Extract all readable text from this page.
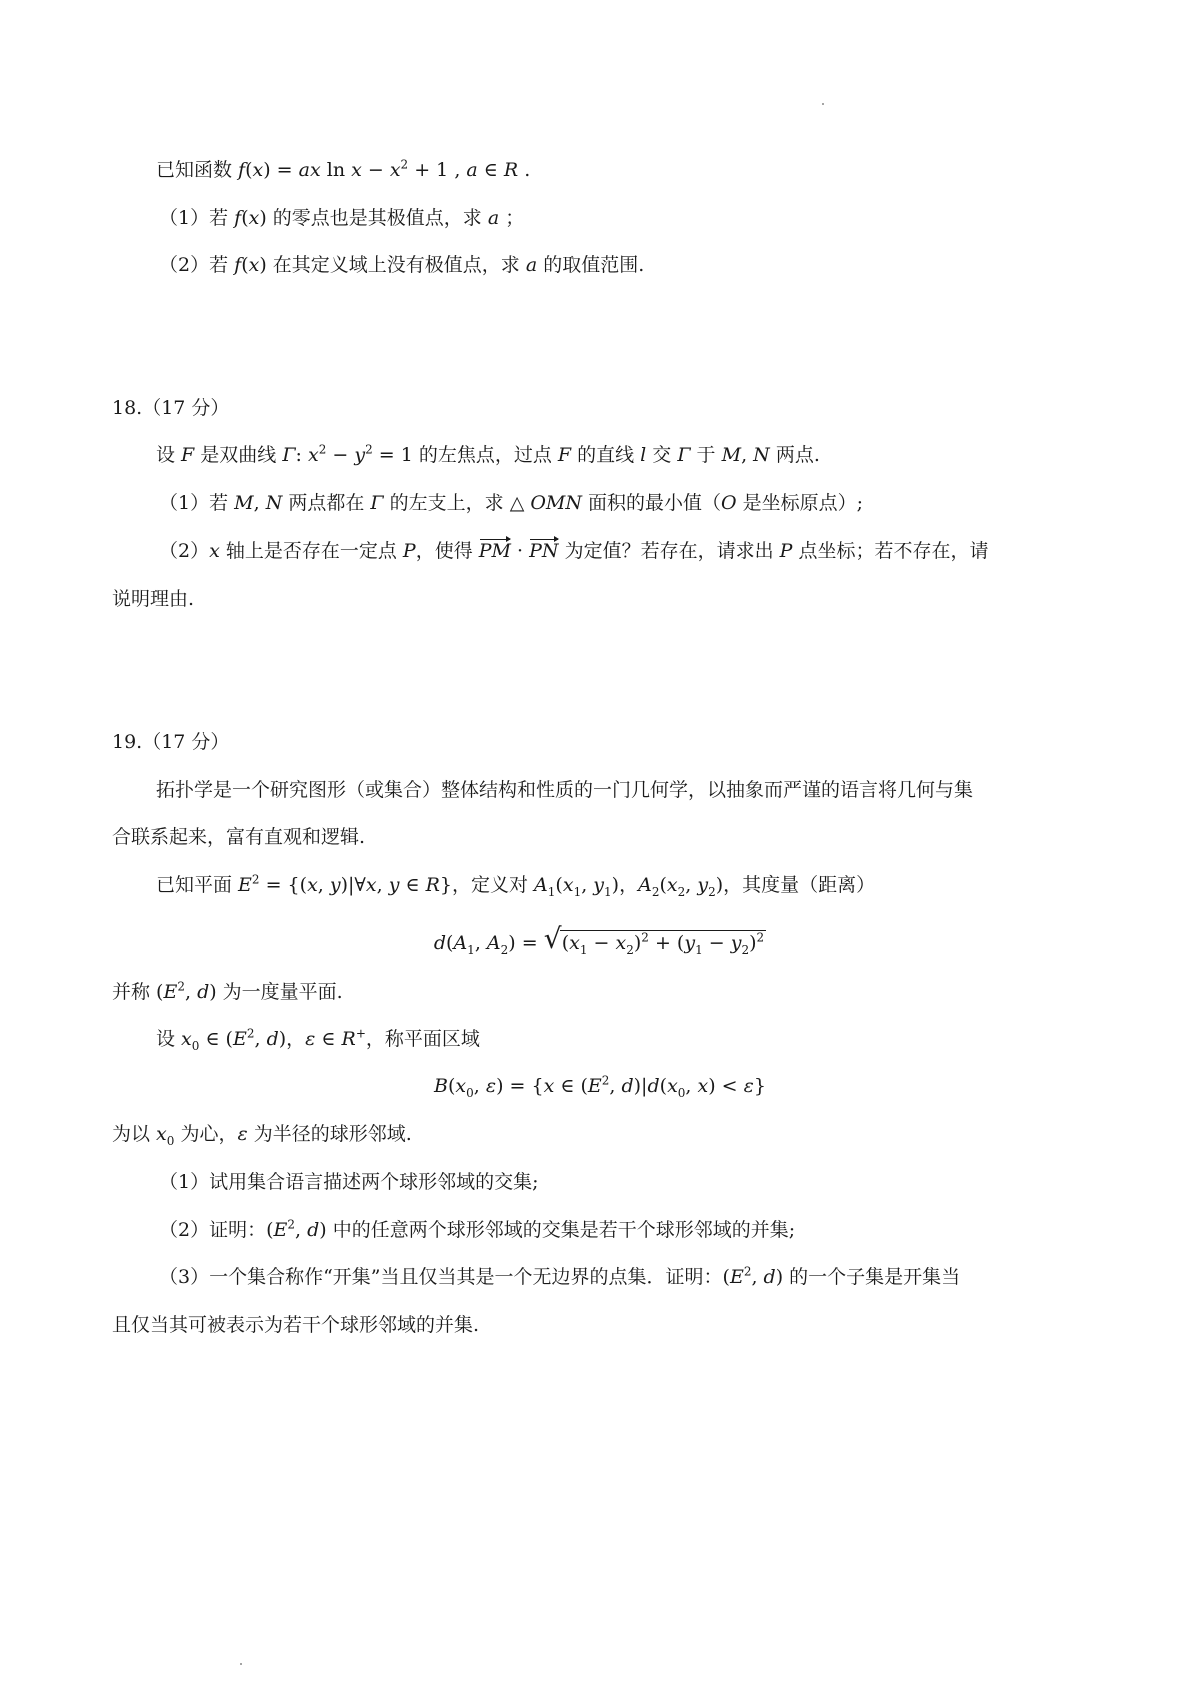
已知函数 f(x) = ax $\ln x - x^2 + 1$ , a ∈ R .
（1）若 f(x) 的零点也是其极值点，求 a ；
（2）若 f(x) 在其定义域上没有极值点，求 a 的取值范围.
18.（17 分）
设 F 是双曲线 Γ: $x^2 - y^2 = 1$ 的左焦点，过点 F 的直线 l 交 Γ 于 M, N 两点.
（1）若 M, N 两点都在 Γ 的左支上，求 △ OMN 面积的最小值（O 是坐标原点）;
（2）x 轴上是否存在一定点 P，使得 PM · PN 为定值？若存在，请求出 P 点坐标；若不存在，请
说明理由.
19.（17 分）
拓扑学是一个研究图形（或集合）整体结构和性质的一门几何学，以抽象而严谨的语言将几何与集
合联系起来，富有直观和逻辑.
已知平面 $E^2 = \{(x$, y)|∀x, y ∈ R}，定义对 $A_1(x_1$, $y_1$)，$A_2(x_2$, $y_2$)，其度量（距离）
$d(A_1$, $A_2$) = √ $(x_1 - x_2)^2 + (y_1 - y_2)^2$
并称 ($E^2$, d) 为一度量平面.
设 $x_0$ ∈ ($E^2$, d)，ε ∈ R+，称平面区域
$B(x_0$, ε) = {x ∈ ($E^2$, $d)|d(x_0$, x) < ε}
为以 $x_0$ 为心，ε 为半径的球形邻域.
（1）试用集合语言描述两个球形邻域的交集;
（2）证明：($E^2$, d) 中的任意两个球形邻域的交集是若干个球形邻域的并集;
（3）一个集合称作“开集”当且仅当其是一个无边界的点集．证明：($E^2$, d) 的一个子集是开集当
且仅当其可被表示为若干个球形邻域的并集.
